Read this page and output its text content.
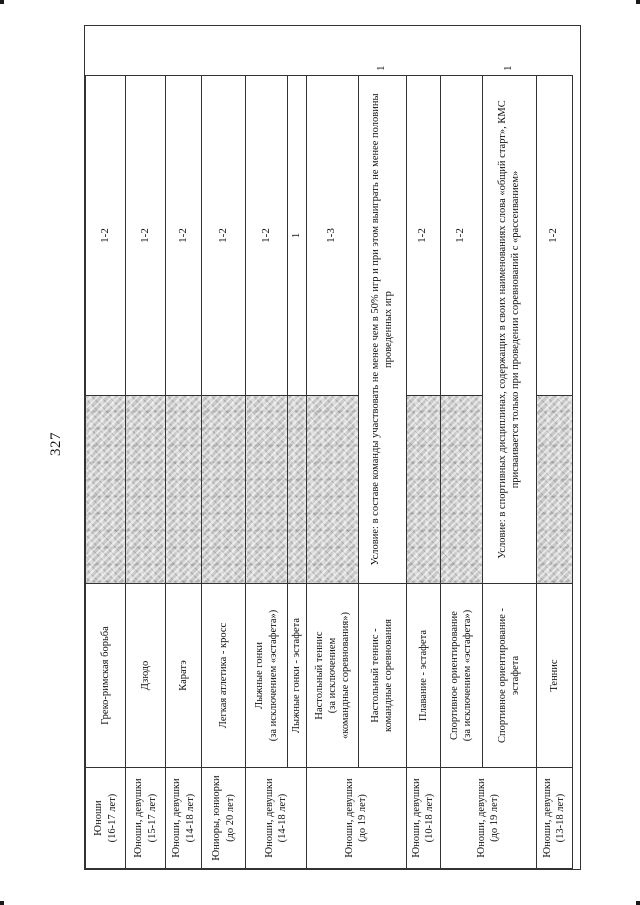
327
Юноши
(16-17 лет)	Греко-римская борьба		1-2	
Юноши, девушки
(15-17 лет)	Дзюдо		1-2	
Юноши, девушки
(14-18 лет)	Каратэ		1-2	
Юниоры, юниорки
(до 20 лет)	Легкая атлетика - кросс		1-2	
Юноши, девушки
(14-18 лет)	Лыжные гонки
(за исключением «эстафета»)		1-2	
	Лыжные гонки - эстафета		1	
Юноши, девушки
(до 19 лет)	Настольный теннис
(за исключением
«командные соревнования»)		1-3	
	Настольный теннис -
командные соревнования	Условие: в составе команды участвовать не менее чем в 50% игр и при этом выиграть не менее половины проведенных игр		1
Юноши, девушки
(10-18 лет)	Плавание - эстафета		1-2	
Юноши, девушки
(до 19 лет)	Спортивное ориентирование
(за исключением «эстафета»)		1-2	
	Спортивное ориентирование -
эстафета	Условие: в спортивных дисциплинах, содержащих в своих наименованиях слова «общий старт», КМС присваивается только при проведении соревнований с «рассеиванием»		1
Юноши, девушки
(13-18 лет)	Теннис		1-2	
